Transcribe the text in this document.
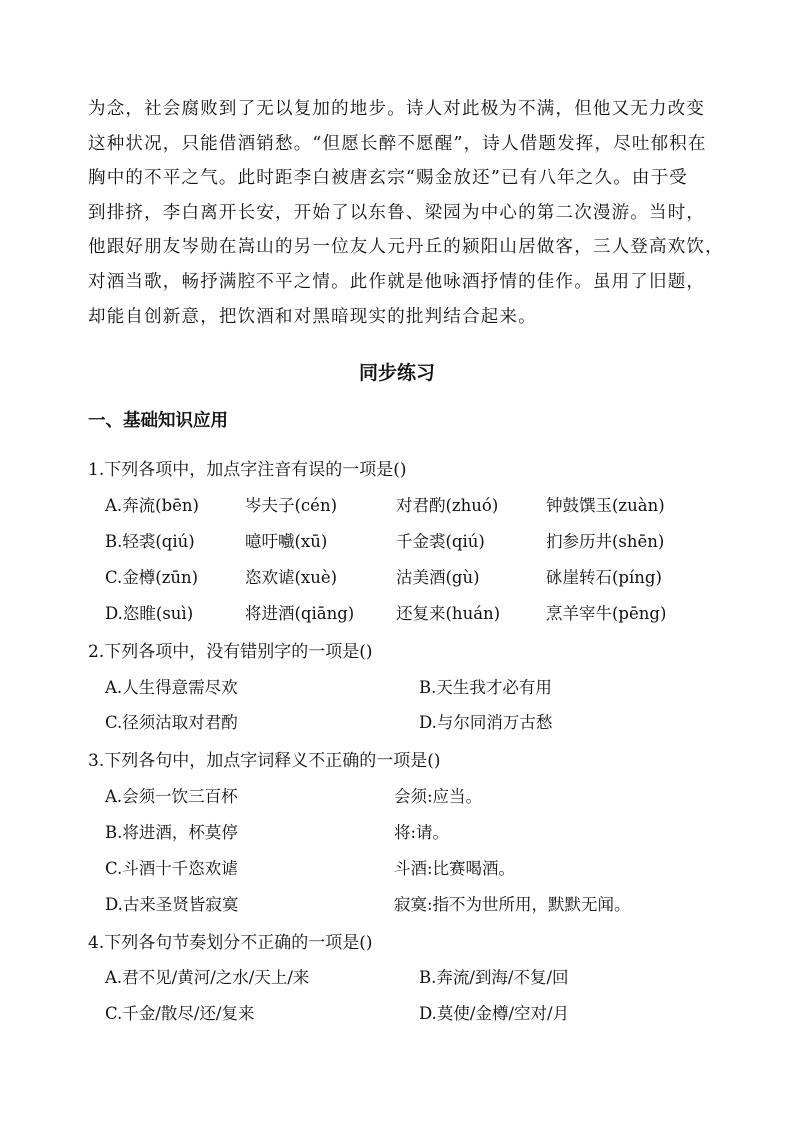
为念，社会腐败到了无以复加的地步。诗人对此极为不满，但他又无力改变
这种状况，只能借酒销愁。“但愿长醉不愿醒”，诗人借题发挥，尽吐郁积在
胸中的不平之气。此时距李白被唐玄宗“赐金放还”已有八年之久。由于受
到排挤，李白离开长安，开始了以东鲁、梁园为中心的第二次漫游。当时，
他跟好朋友岑勋在嵩山的另一位友人元丹丘的颍阳山居做客，三人登高欢饮，
对酒当歌，畅抒满腔不平之情。此作就是他咏酒抒情的佳作。虽用了旧题，
却能自创新意，把饮酒和对黑暗现实的批判结合起来。
同步练习
一、基础知识应用
1.下列各项中，加点字注音有误的一项是()
A.奔流(bēn)	岑夫子(cén)	对君酌(zhuó)	钟鼓馔玉(zuàn)
B.轻裘(qiú)	噫吁嚱(xū)	千金裘(qiú)	扪参历井(shēn)
C.金樽(zūn)	恣欢谑(xuè)	沽美酒(gù)	砯崖转石(píng)
D.恣睢(suì)	将进酒(qiāng)	还复来(huán)	烹羊宰牛(pēng)
2.下列各项中，没有错别字的一项是()
A.人生得意需尽欢	B.天生我才必有用
C.径须沽取对君酌	D.与尔同消万古愁
3.下列各句中，加点字词释义不正确的一项是()
A.会须一饮三百杯	会须:应当。
B.将进酒，杯莫停	将:请。
C.斗酒十千恣欢谑	斗酒:比赛喝酒。
D.古来圣贤皆寂寞	寂寞:指不为世所用，默默无闻。
4.下列各句节奏划分不正确的一项是()
A.君不见/黄河/之水/天上/来	B.奔流/到海/不复/回
C.千金/散尽/还/复来	D.莫使/金樽/空对/月
